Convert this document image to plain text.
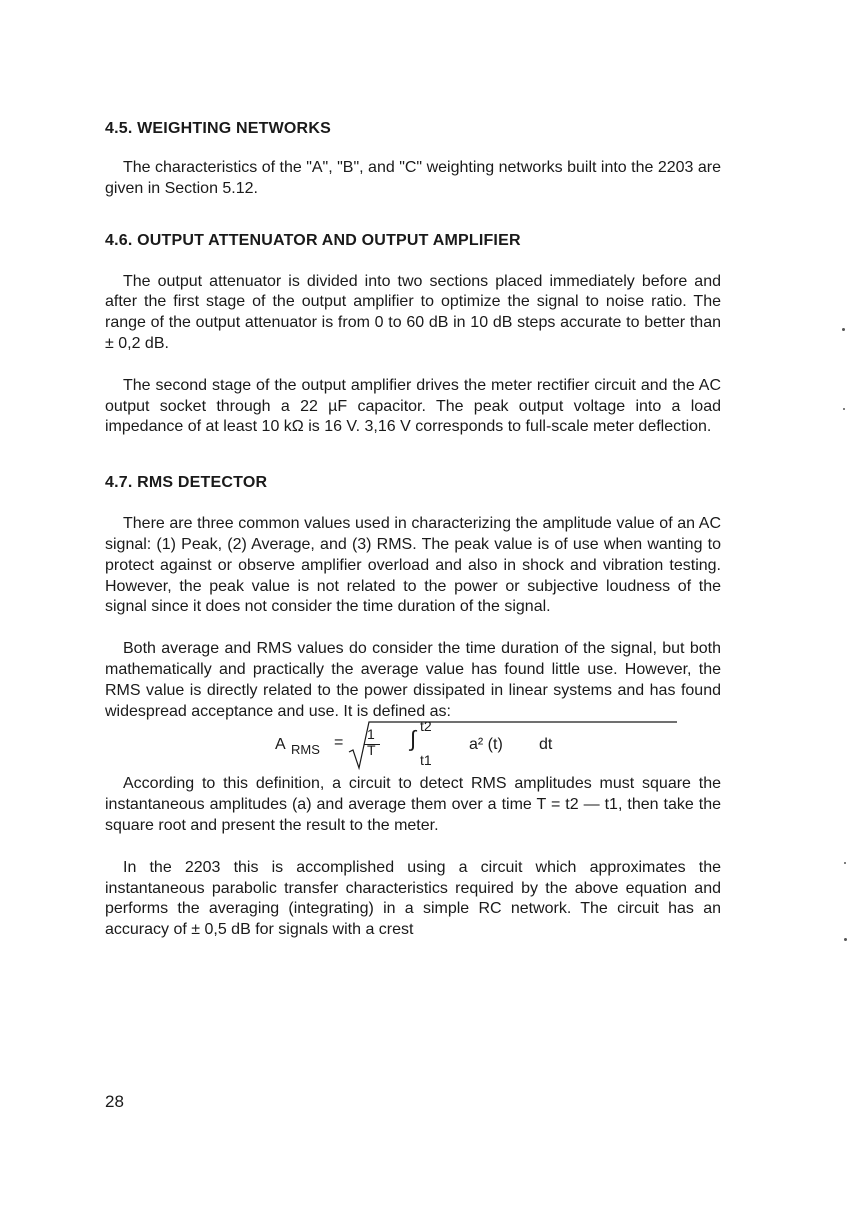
4.5. WEIGHTING NETWORKS

The characteristics of the "A", "B", and "C" weighting networks built into the 2203 are given in Section 5.12.

4.6. OUTPUT ATTENUATOR AND OUTPUT AMPLIFIER

The output attenuator is divided into two sections placed immediately before and after the first stage of the output amplifier to optimize the signal to noise ratio. The range of the output attenuator is from 0 to 60 dB in 10 dB steps accurate to better than ± 0,2 dB.

The second stage of the output amplifier drives the meter rectifier circuit and the AC output socket through a 22 µF capacitor. The peak output voltage into a load impedance of at least 10 kΩ is 16 V. 3,16 V corresponds to full-scale meter deflection.

4.7. RMS DETECTOR

There are three common values used in characterizing the amplitude value of an AC signal: (1) Peak, (2) Average, and (3) RMS. The peak value is of use when wanting to protect against or observe amplifier overload and also in shock and vibration testing. However, the peak value is not related to the power or subjective loudness of the signal since it does not consider the time duration of the signal.

Both average and RMS values do consider the time duration of the signal, but both mathematically and practically the average value has found little use. However, the RMS value is directly related to the power dissipated in linear systems and has found widespread acceptance and use. It is defined as:

A RMS = 1
T ∫ t2
t1
a² (t) dt

According to this definition, a circuit to detect RMS amplitudes must square the instantaneous amplitudes (a) and average them over a time T = t2 — t1, then take the square root and present the result to the meter.

In the 2203 this is accomplished using a circuit which approximates the instantaneous parabolic transfer characteristics required by the above equation and performs the averaging (integrating) in a simple RC network. The circuit has an accuracy of ± 0,5 dB for signals with a crest

28
